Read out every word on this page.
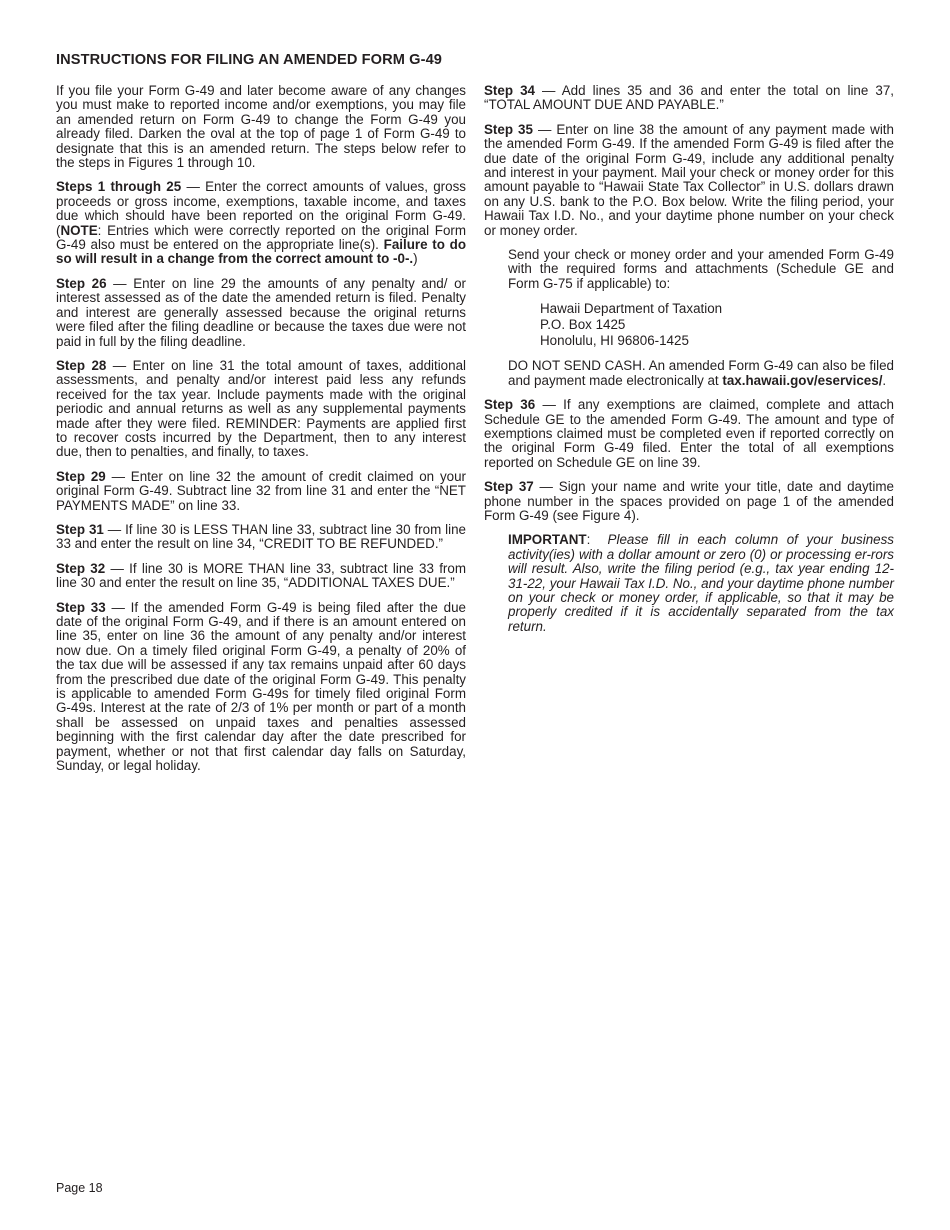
INSTRUCTIONS FOR FILING AN AMENDED FORM G-49

If you file your Form G-49 and later become aware of any changes you must make to reported income and/or exemptions, you may file an amended return on Form G-49 to change the Form G-49 you already filed. Darken the oval at the top of page 1 of Form G-49 to designate that this is an amended return. The steps below refer to the steps in Figures 1 through 10.

Steps 1 through 25 — Enter the correct amounts of values, gross proceeds or gross income, exemptions, taxable income, and taxes due which should have been reported on the original Form G-49. (NOTE: Entries which were correctly reported on the original Form G-49 also must be entered on the appropriate line(s). Failure to do so will result in a change from the correct amount to -0-.)

Step 26 — Enter on line 29 the amounts of any penalty and/ or interest assessed as of the date the amended return is filed. Penalty and interest are generally assessed because the original returns were filed after the filing deadline or because the taxes due were not paid in full by the filing deadline.

Step 28 — Enter on line 31 the total amount of taxes, additional assessments, and penalty and/or interest paid less any refunds received for the tax year. Include payments made with the original periodic and annual returns as well as any supplemental payments made after they were filed. REMINDER: Payments are applied first to recover costs incurred by the Department, then to any interest due, then to penalties, and finally, to taxes.

Step 29 — Enter on line 32 the amount of credit claimed on your original Form G-49. Subtract line 32 from line 31 and enter the “NET PAYMENTS MADE” on line 33.

Step 31 — If line 30 is LESS THAN line 33, subtract line 30 from line 33 and enter the result on line 34, “CREDIT TO BE REFUNDED.”

Step 32 — If line 30 is MORE THAN line 33, subtract line 33 from line 30 and enter the result on line 35, “ADDITIONAL TAXES DUE.”

Step 33 — If the amended Form G-49 is being filed after the due date of the original Form G-49, and if there is an amount entered on line 35, enter on line 36 the amount of any penalty and/or interest now due. On a timely filed original Form G-49, a penalty of 20% of the tax due will be assessed if any tax remains unpaid after 60 days from the prescribed due date of the original Form G-49. This penalty is applicable to amended Form G-49s for timely filed original Form G-49s. Interest at the rate of 2/3 of 1% per month or part of a month shall be assessed on unpaid taxes and penalties assessed beginning with the first calendar day after the date prescribed for payment, whether or not that first calendar day falls on Saturday, Sunday, or legal holiday.

Step 34 — Add lines 35 and 36 and enter the total on line 37, “TOTAL AMOUNT DUE AND PAYABLE.”

Step 35 — Enter on line 38 the amount of any payment made with the amended Form G-49. If the amended Form G-49 is filed after the due date of the original Form G-49, include any additional penalty and interest in your payment. Mail your check or money order for this amount payable to “Hawaii State Tax Collector” in U.S. dollars drawn on any U.S. bank to the P.O. Box below. Write the filing period, your Hawaii Tax I.D. No., and your daytime phone number on your check or money order.

Send your check or money order and your amended Form G-49 with the required forms and attachments (Schedule GE and Form G-75 if applicable) to:

Hawaii Department of Taxation
P.O. Box 1425
Honolulu, HI 96806-1425

DO NOT SEND CASH. An amended Form G-49 can also be filed and payment made electronically at tax.hawaii.gov/eservices/.

Step 36 — If any exemptions are claimed, complete and attach Schedule GE to the amended Form G-49. The amount and type of exemptions claimed must be completed even if reported correctly on the original Form G-49 filed. Enter the total of all exemptions reported on Schedule GE on line 39.

Step 37 — Sign your name and write your title, date and daytime phone number in the spaces provided on page 1 of the amended Form G-49 (see Figure 4).

IMPORTANT: Please fill in each column of your business activity(ies) with a dollar amount or zero (0) or processing er-rors will result. Also, write the filing period (e.g., tax year ending 12-31-22, your Hawaii Tax I.D. No., and your daytime phone number on your check or money order, if applicable, so that it may be properly credited if it is accidentally separated from the tax return.

Page 18
